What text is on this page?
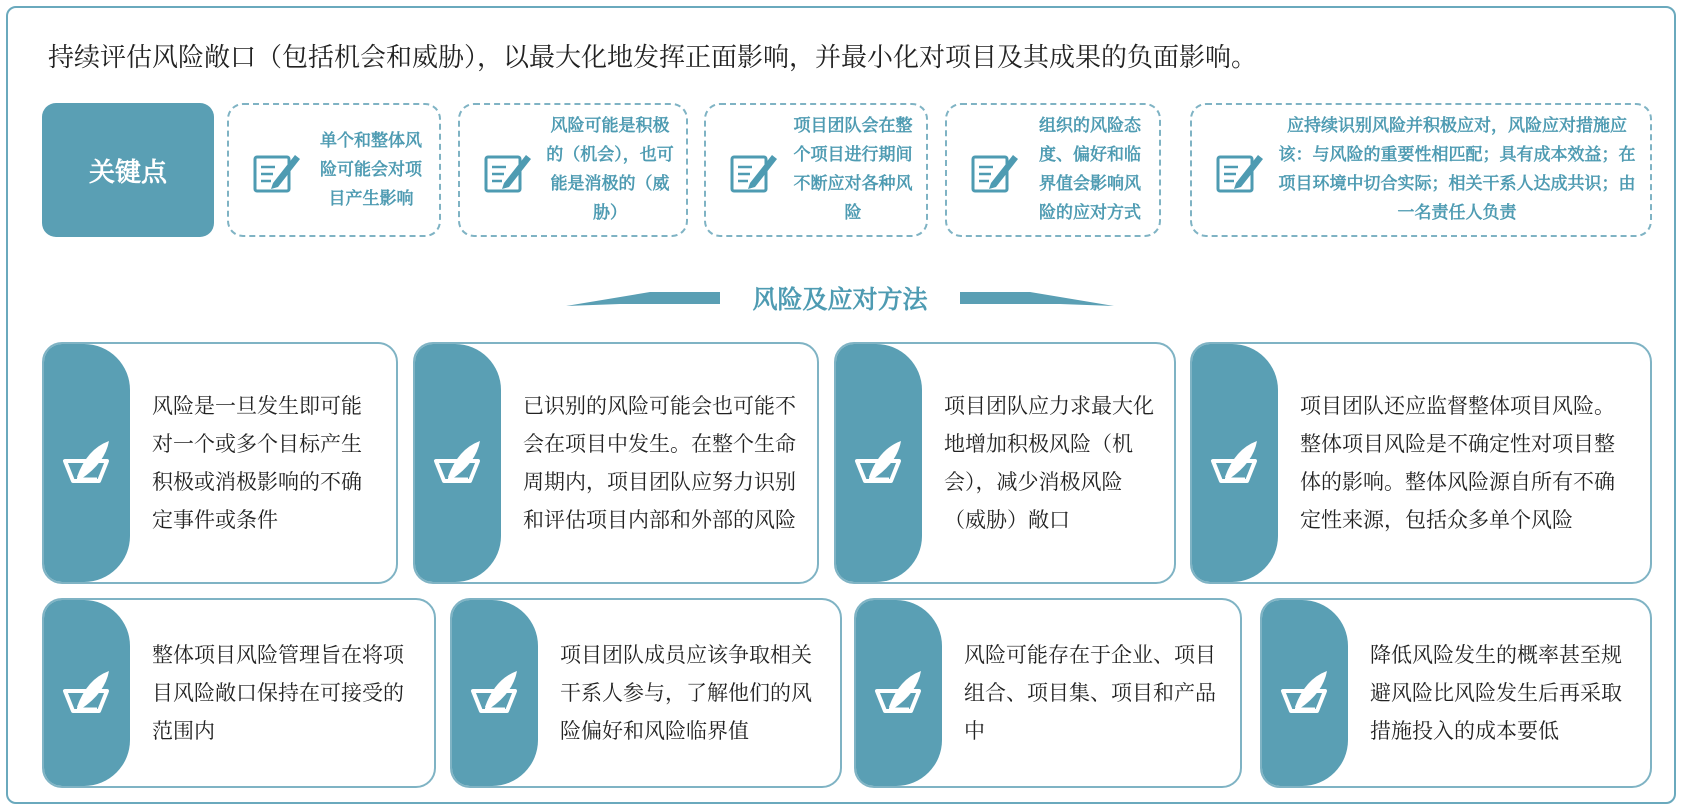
持续评估风险敞口（包括机会和威胁），以最大化地发挥正面影响，并最小化对项目及其成果的负面影响。
关键点
单个和整体风险可能会对项目产生影响
风险可能是积极的（机会），也可能是消极的（威胁）
项目团队会在整个项目进行期间不断应对各种风险
组织的风险态度、偏好和临界值会影响风险的应对方式
应持续识别风险并积极应对，风险应对措施应该：与风险的重要性相匹配；具有成本效益；在项目环境中切合实际；相关干系人达成共识；由一名责任人负责
风险及应对方法
风险是一旦发生即可能对一个或多个目标产生积极或消极影响的不确定事件或条件
已识别的风险可能会也可能不会在项目中发生。在整个生命周期内，项目团队应努力识别和评估项目内部和外部的风险
项目团队应力求最大化地增加积极风险（机会），减少消极风险（威胁）敞口
项目团队还应监督整体项目风险。整体项目风险是不确定性对项目整体的影响。整体风险源自所有不确定性来源，包括众多单个风险
整体项目风险管理旨在将项目风险敞口保持在可接受的范围内
项目团队成员应该争取相关干系人参与，了解他们的风险偏好和风险临界值
风险可能存在于企业、项目组合、项目集、项目和产品中
降低风险发生的概率甚至规避风险比风险发生后再采取措施投入的成本要低
